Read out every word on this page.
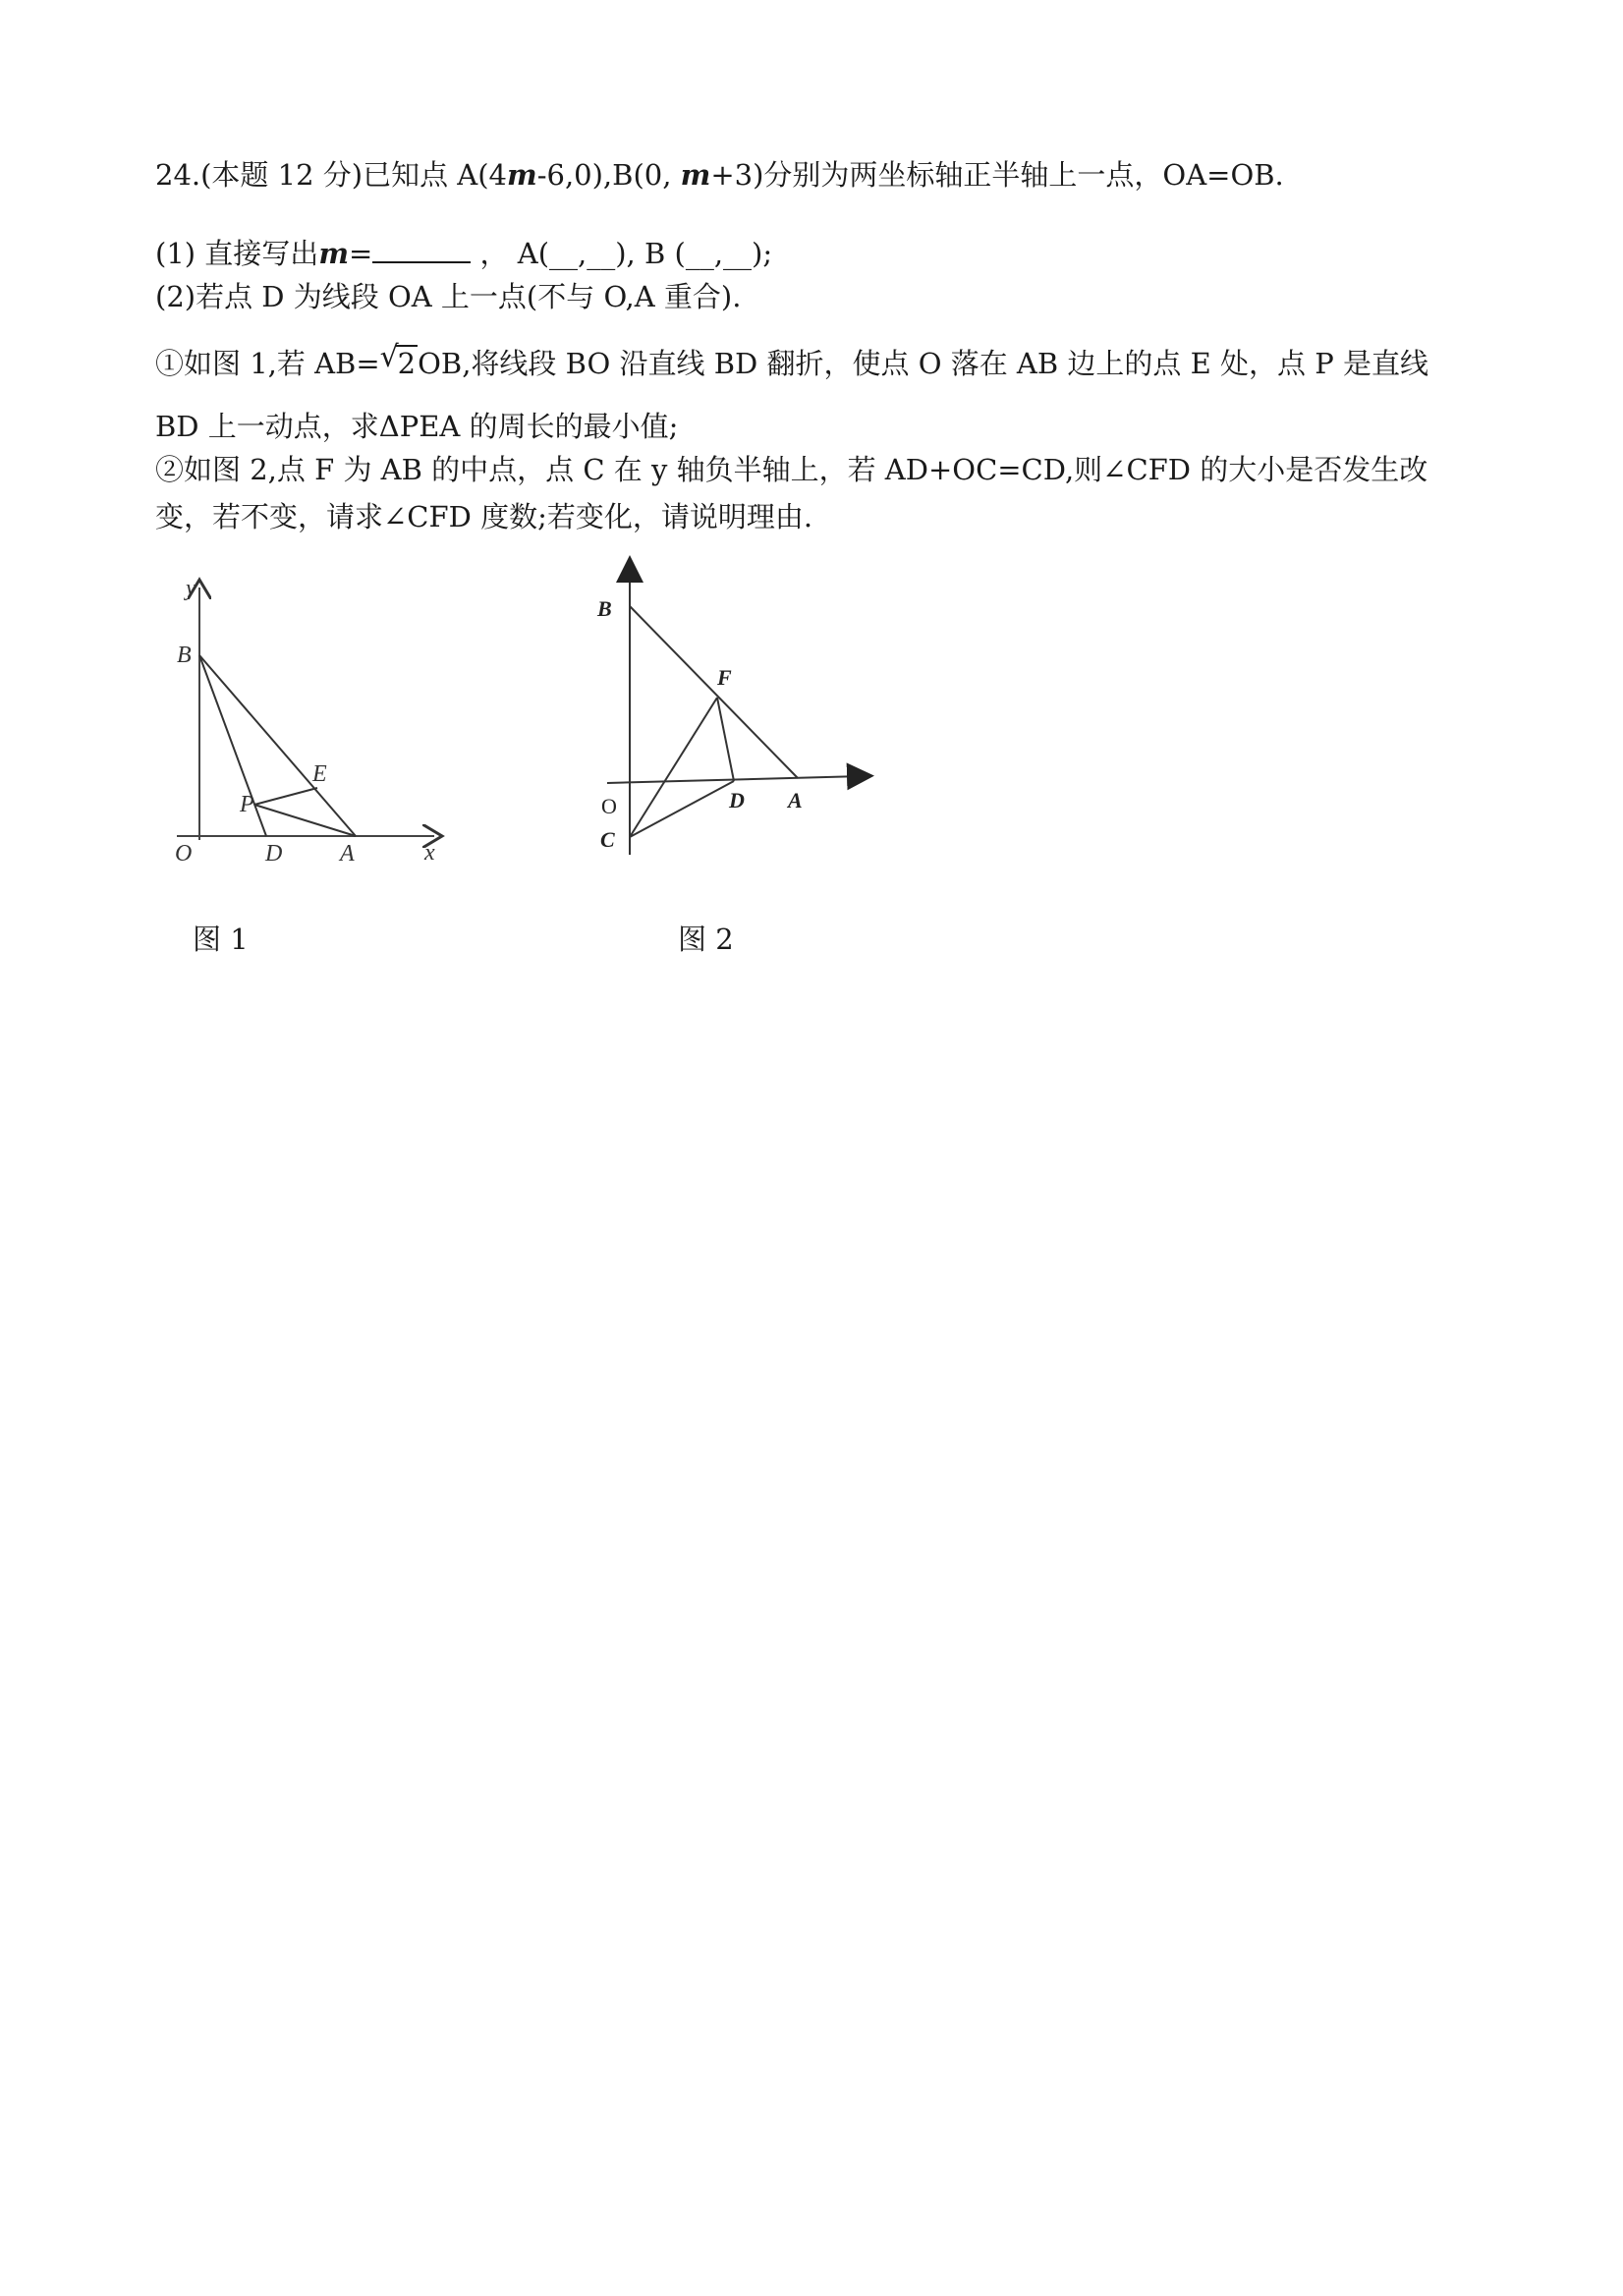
24.(本题 12 分)已知点 A(4m-6,0),B(0, m+3)分别为两坐标轴正半轴上一点，OA=OB.
(1) 直接写出m=	， A(__,__), B (__,__);
(2)若点 D 为线段 OA 上一点(不与 O,A 重合).
①如图 1,若 AB= √
2OB,将线段 BO 沿直线 BD 翻折，使点 O 落在 AB 边上的点 E 处，点 P 是直线
BD 上一动点，求ΔPEA 的周长的最小值;
②如图 2,点 F 为 AB 的中点，点 C 在 y 轴负半轴上，若 AD+OC=CD,则∠CFD 的大小是否发生改
变，若不变，请求∠CFD 度数;若变化，请说明理由.
y
B
E
P
O	D A	x
图 1
B
F
O	D A
C
图 2
